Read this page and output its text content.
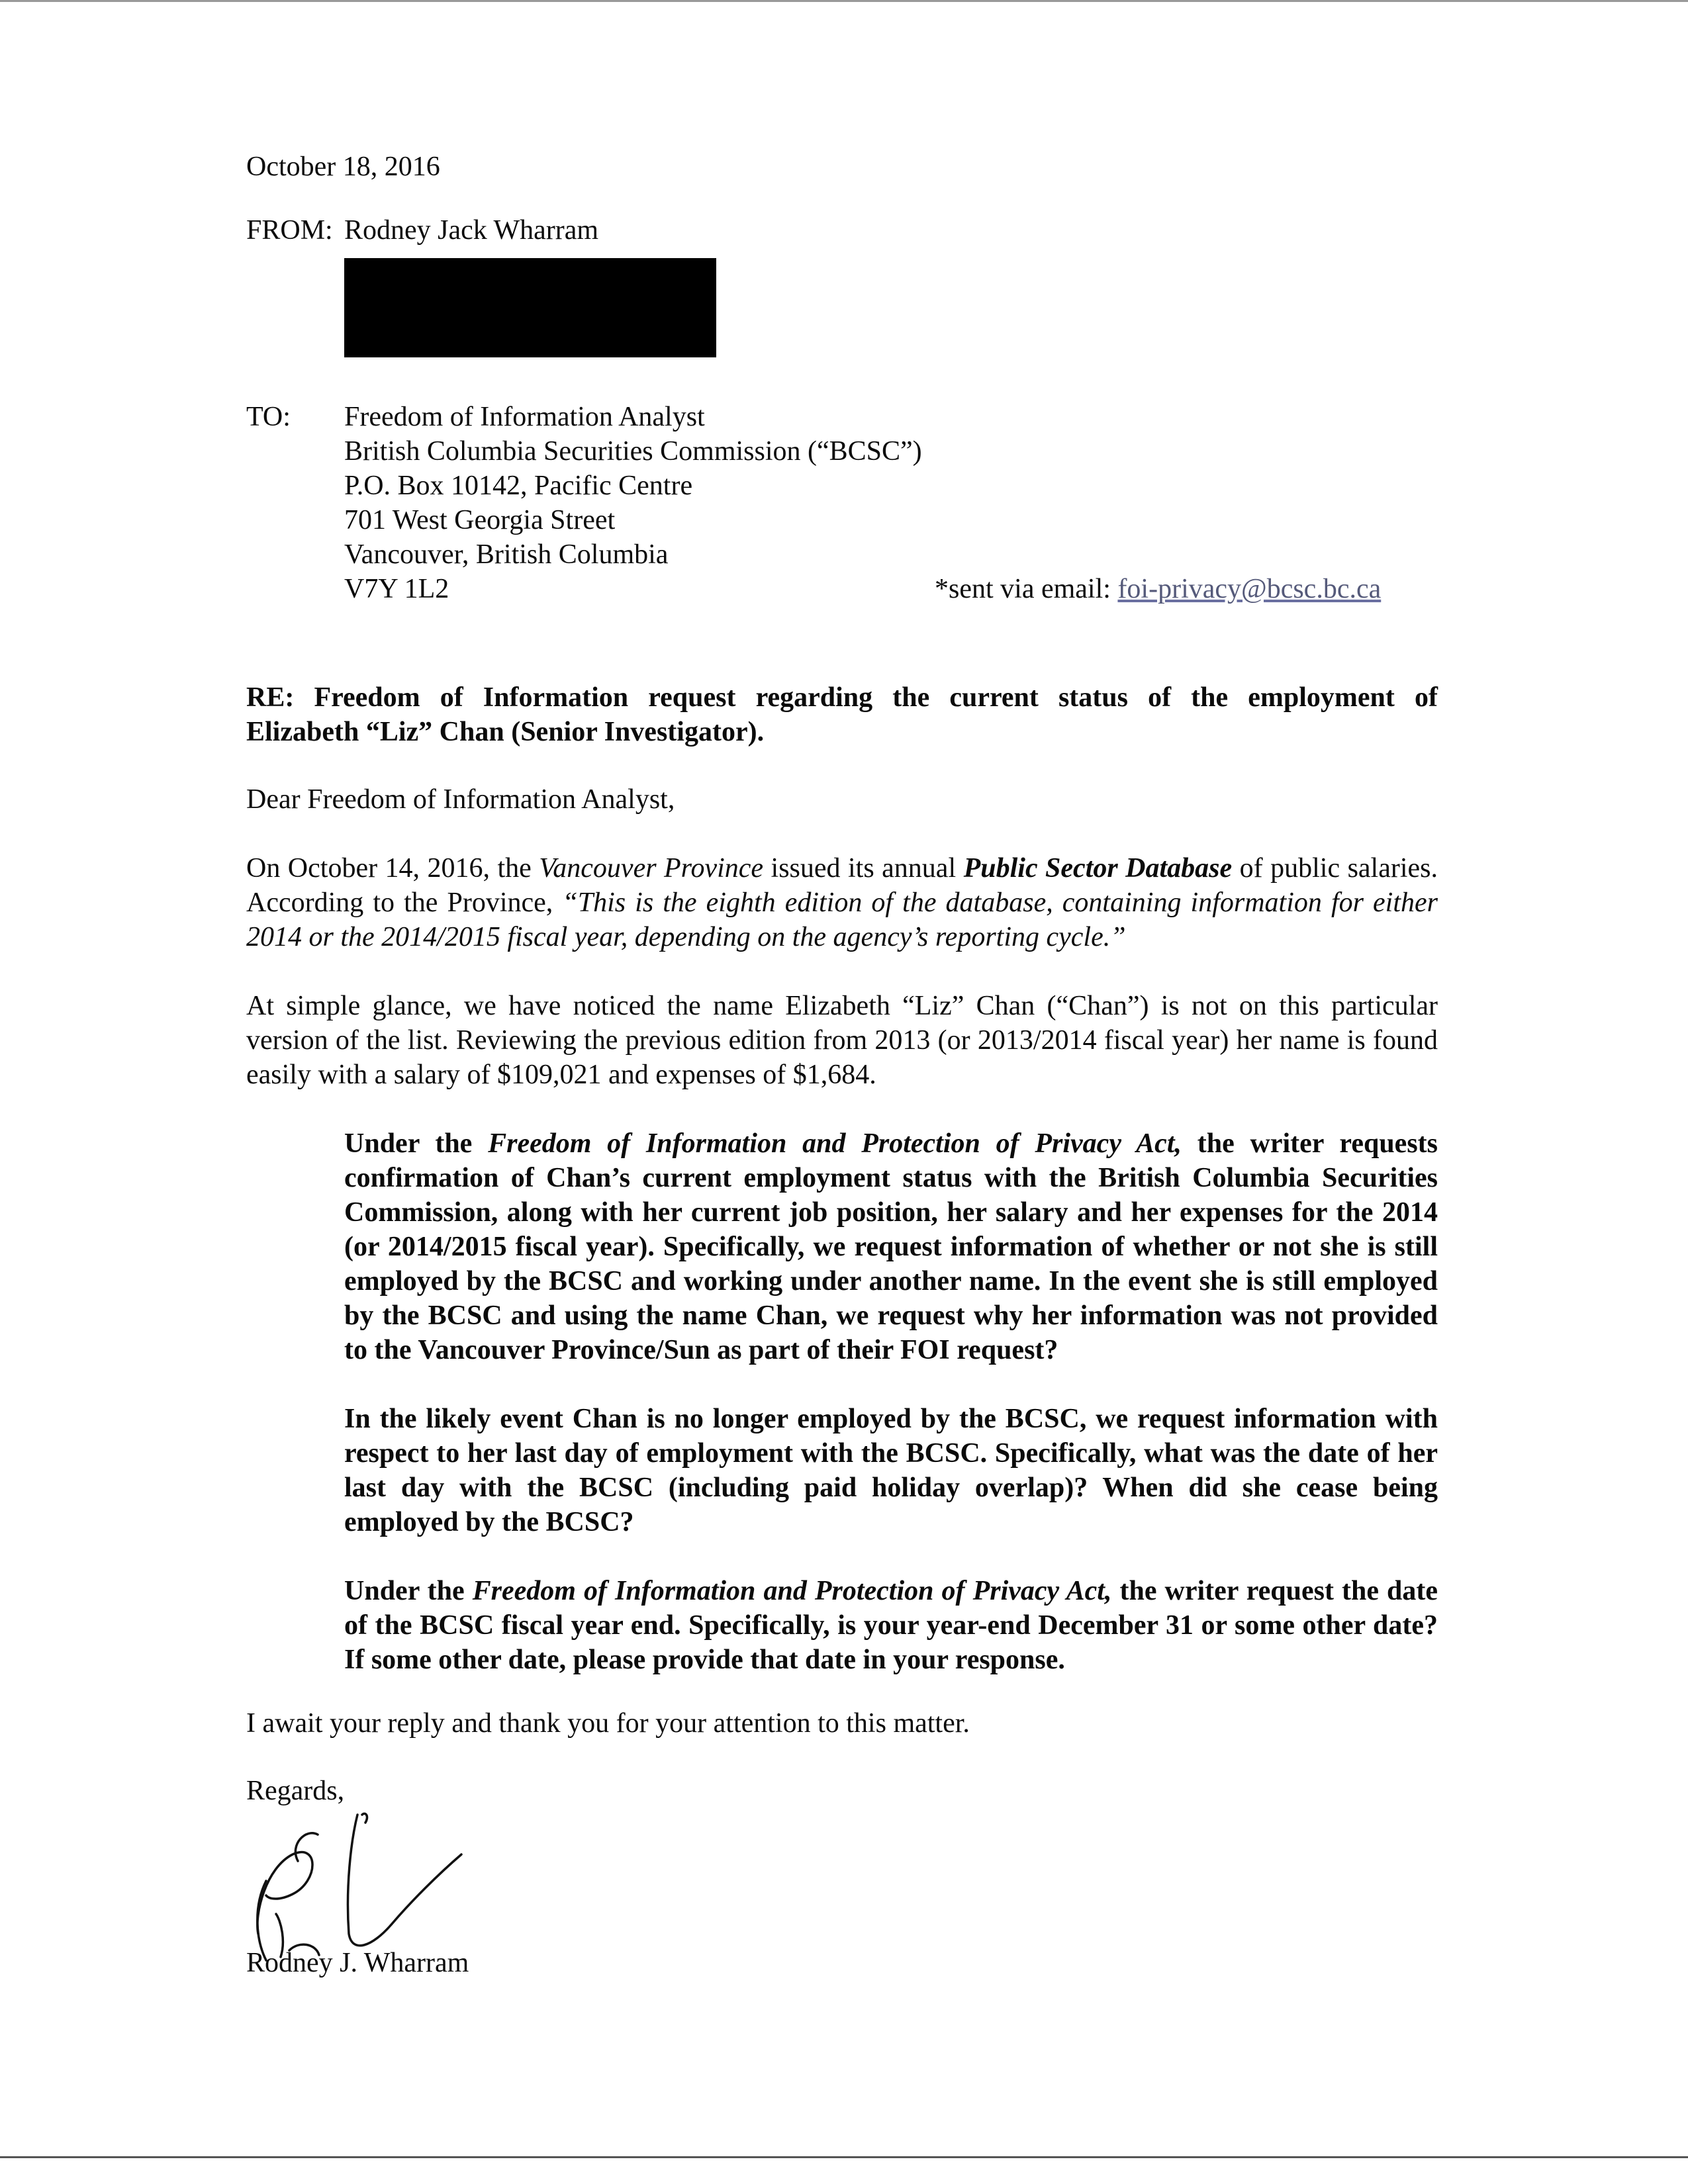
October 18, 2016
FROM: Rodney Jack Wharram
TO: Freedom of Information Analyst
British Columbia Securities Commission (“BCSC”)
P.O. Box 10142, Pacific Centre
701 West Georgia Street
Vancouver, British Columbia
V7Y 1L2	*sent via email: foi-privacy@bcsc.bc.ca
RE: Freedom of Information request regarding the current status of the employment of
Elizabeth “Liz” Chan (Senior Investigator).
Dear Freedom of Information Analyst,
On October 14, 2016, the Vancouver Province issued its annual Public Sector Database of public salaries. According to the Province, “This is the eighth edition of the database, containing information for either 2014 or the 2014/2015 fiscal year, depending on the agency’s reporting cycle.”
At simple glance, we have noticed the name Elizabeth “Liz” Chan (“Chan”) is not on this particular version of the list. Reviewing the previous edition from 2013 (or 2013/2014 fiscal year) her name is found easily with a salary of $109,021 and expenses of $1,684.
Under the Freedom of Information and Protection of Privacy Act, the writer requests confirmation of Chan’s current employment status with the British Columbia Securities Commission, along with her current job position, her salary and her expenses for the 2014 (or 2014/2015 fiscal year). Specifically, we request information of whether or not she is still employed by the BCSC and working under another name. In the event she is still employed by the BCSC and using the name Chan, we request why her information was not provided to the Vancouver Province/Sun as part of their FOI request?
In the likely event Chan is no longer employed by the BCSC, we request information with respect to her last day of employment with the BCSC. Specifically, what was the date of her last day with the BCSC (including paid holiday overlap)? When did she cease being employed by the BCSC?
Under the Freedom of Information and Protection of Privacy Act, the writer request the date of the BCSC fiscal year end. Specifically, is your year-end December 31 or some other date? If some other date, please provide that date in your response.
I await your reply and thank you for your attention to this matter.
Regards,
Rodney J. Wharram
